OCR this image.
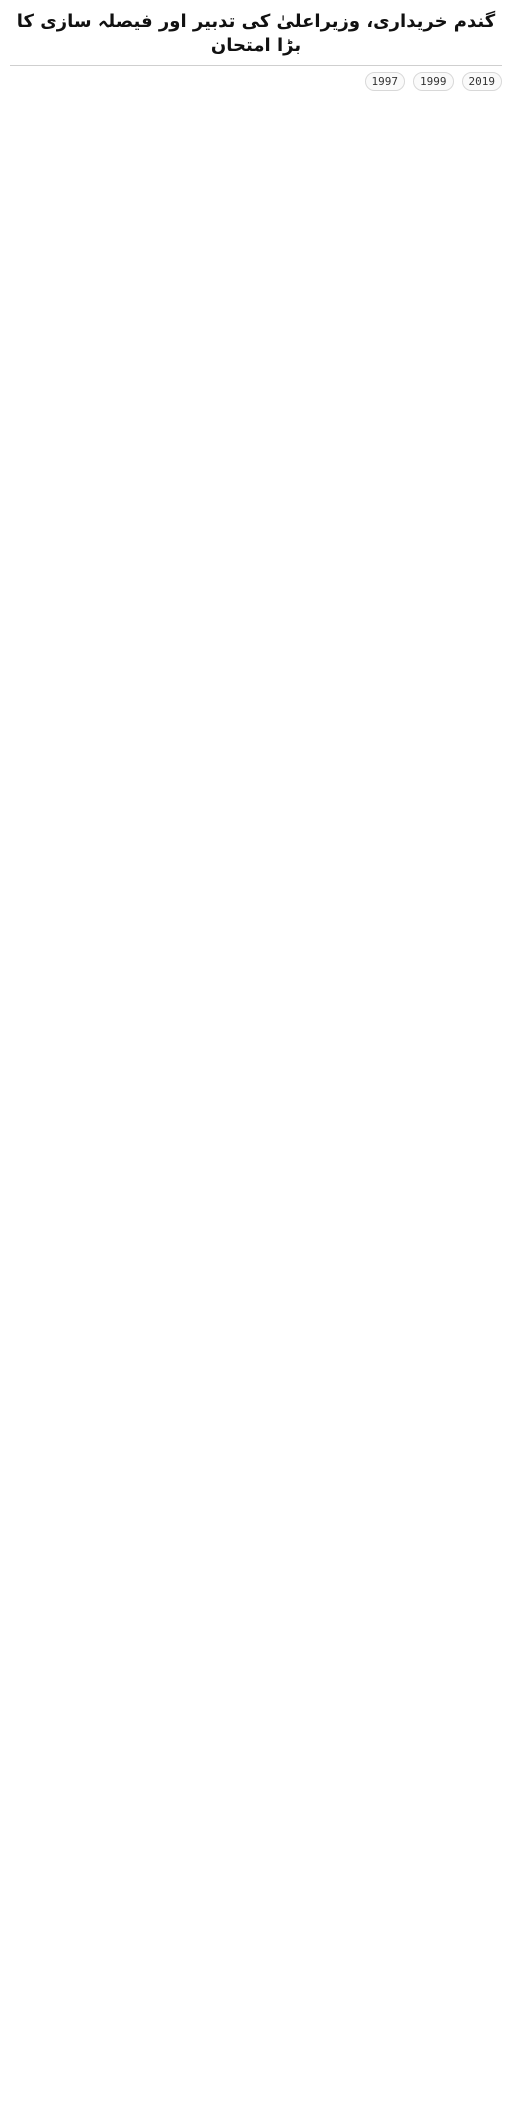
گندم خریداری، وزیراعلیٰ کی تدبیر اور فیصلہ سازی کا بڑا امتحان
1997	1999	2019
